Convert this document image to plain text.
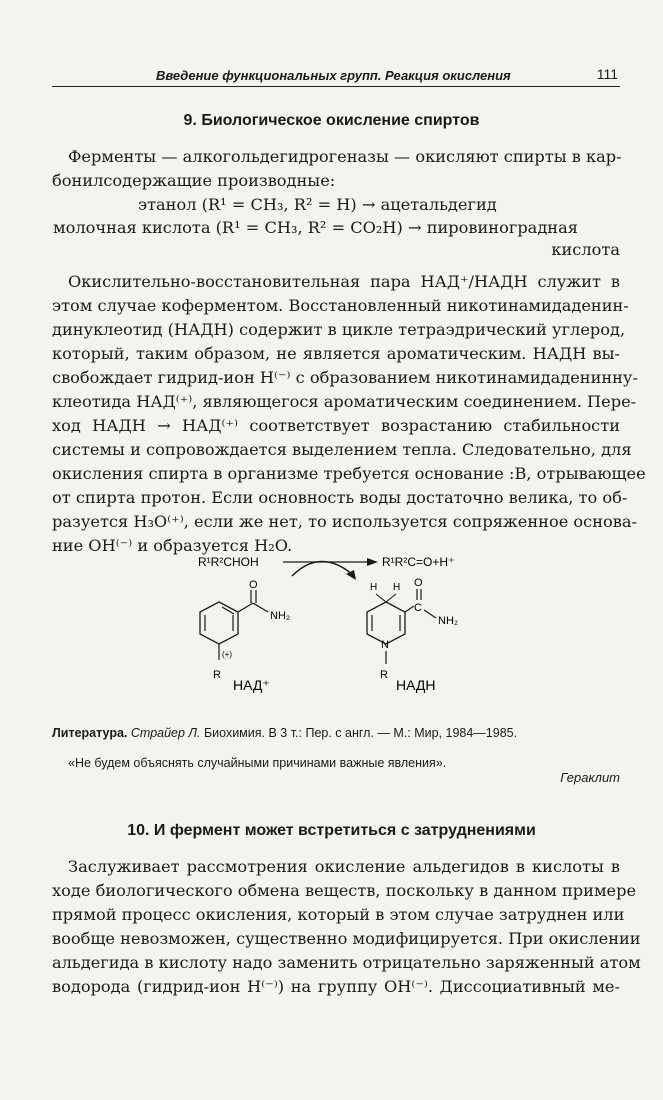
Введение функциональных групп. Реакция окисления	111
9. Биологическое окисление спиртов
Ферменты — алкогольдегидрогеназы — окисляют спирты в кар-
бонилсодержащие производные:
этанол (R¹ = CH₃, R² = H) → ацетальдегид
молочная кислота (R¹ = CH₃, R² = CO₂H) → пировиноградная
кислота
Окислительно-восстановительная пара НАД⁺/НАДН служит в
этом случае коферментом. Восстановленный никотинамидаденин-
динуклеотид (НАДН) содержит в цикле тетраэдрический углерод,
который, таким образом, не является ароматическим. НАДН вы-
свобождает гидрид-ион H⁽⁻⁾ с образованием никотинамидаденинну-
клеотида НАД⁽⁺⁾, являющегося ароматическим соединением. Пере-
ход НАДН → НАД⁽⁺⁾ соответствует возрастанию стабильности
системы и сопровождается выделением тепла. Следовательно, для
окисления спирта в организме требуется основание :B, отрывающее
от спирта протон. Если основность воды достаточно велика, то об-
разуется H₃O⁽⁺⁾, если же нет, то используется сопряженное основа-
ние OH⁽⁻⁾ и образуется H₂O.
R¹R²CHOH	R¹R²C=O+H⁺
O
NH₂
(+)
R
НАД⁺
H H
C
O
NH₂
N
R
НАДН
Литература. Страйер Л. Биохимия. В 3 т.: Пер. с англ. — М.: Мир, 1984—1985.
«Не будем объяснять случайными причинами важные явления».
Гераклит
10. И фермент может встретиться с затруднениями
Заслуживает рассмотрения окисление альдегидов в кислоты в
ходе биологического обмена веществ, поскольку в данном примере
прямой процесс окисления, который в этом случае затруднен или
вообще невозможен, существенно модифицируется. При окислении
альдегида в кислоту надо заменить отрицательно заряженный атом
водорода (гидрид-ион H⁽⁻⁾) на группу OH⁽⁻⁾. Диссоциативный ме-
